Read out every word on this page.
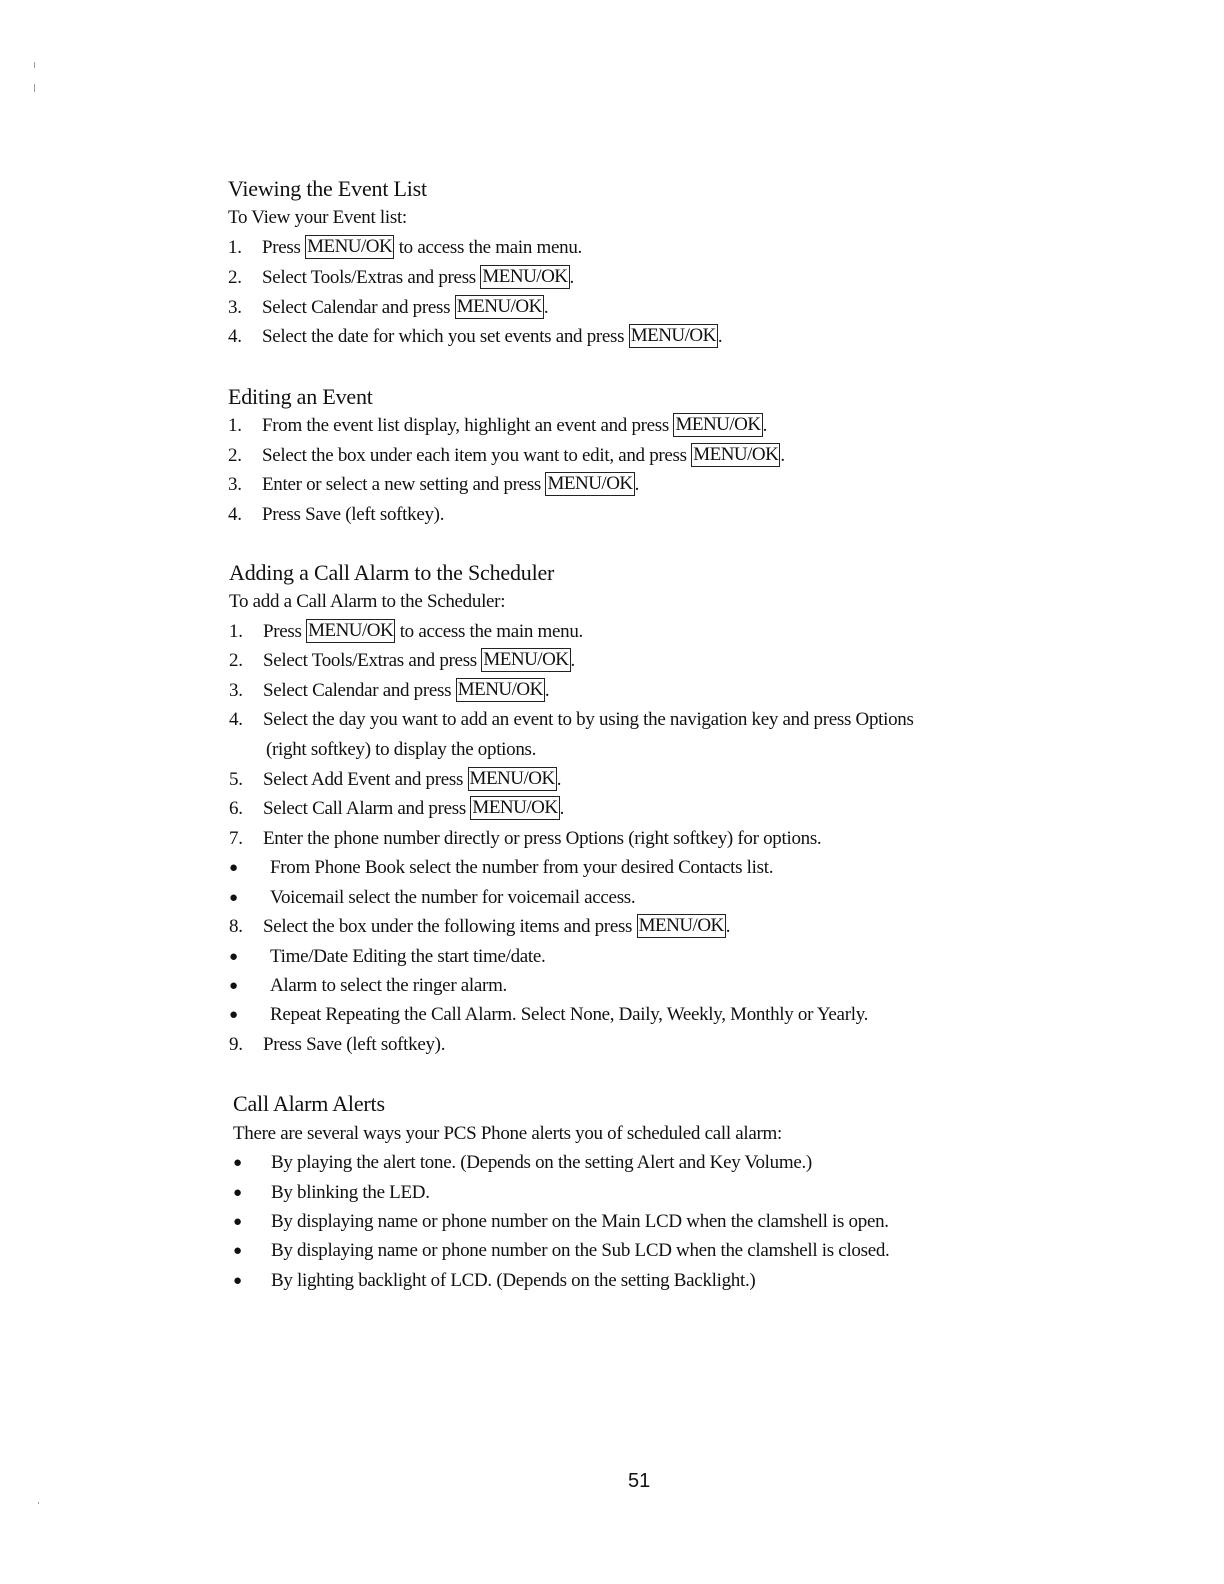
Viewing the Event List
To View your Event list:
1.	Press MENU/OK to access the main menu.
2.	Select Tools/Extras and press MENU/OK .
3.	Select Calendar and press MENU/OK .
4.	Select the date for which you set events and press MENU/OK .
Editing an Event
1.	From the event list display, highlight an event and press MENU/OK .
2.	Select the box under each item you want to edit, and press MENU/OK .
3.	Enter or select a new setting and press MENU/OK .
4.	Press Save (left softkey).
Adding a Call Alarm to the Scheduler
To add a Call Alarm to the Scheduler:
1.	Press MENU/OK to access the main menu.
2.	Select Tools/Extras and press MENU/OK .
3.	Select Calendar and press MENU/OK .
4.	Select the day you want to add an event to by using the navigation key and press Options
(right softkey) to display the options.
5.	Select Add Event and press MENU/OK .
6.	Select Call Alarm and press MENU/OK .
7.	Enter the phone number directly or press Options (right softkey) for options.
●	From Phone Book select the number from your desired Contacts list.
●	Voicemail select the number for voicemail access.
8.	Select the box under the following items and press MENU/OK .
●	Time/Date Editing the start time/date.
●	Alarm to select the ringer alarm.
●	Repeat Repeating the Call Alarm. Select None, Daily, Weekly, Monthly or Yearly.
9.	Press Save (left softkey).
Call Alarm Alerts
There are several ways your PCS Phone alerts you of scheduled call alarm:
●	By playing the alert tone. (Depends on the setting Alert and Key Volume.)
●	By blinking the LED.
●	By displaying name or phone number on the Main LCD when the clamshell is open.
●	By displaying name or phone number on the Sub LCD when the clamshell is closed.
●	By lighting backlight of LCD. (Depends on the setting Backlight.)
51
